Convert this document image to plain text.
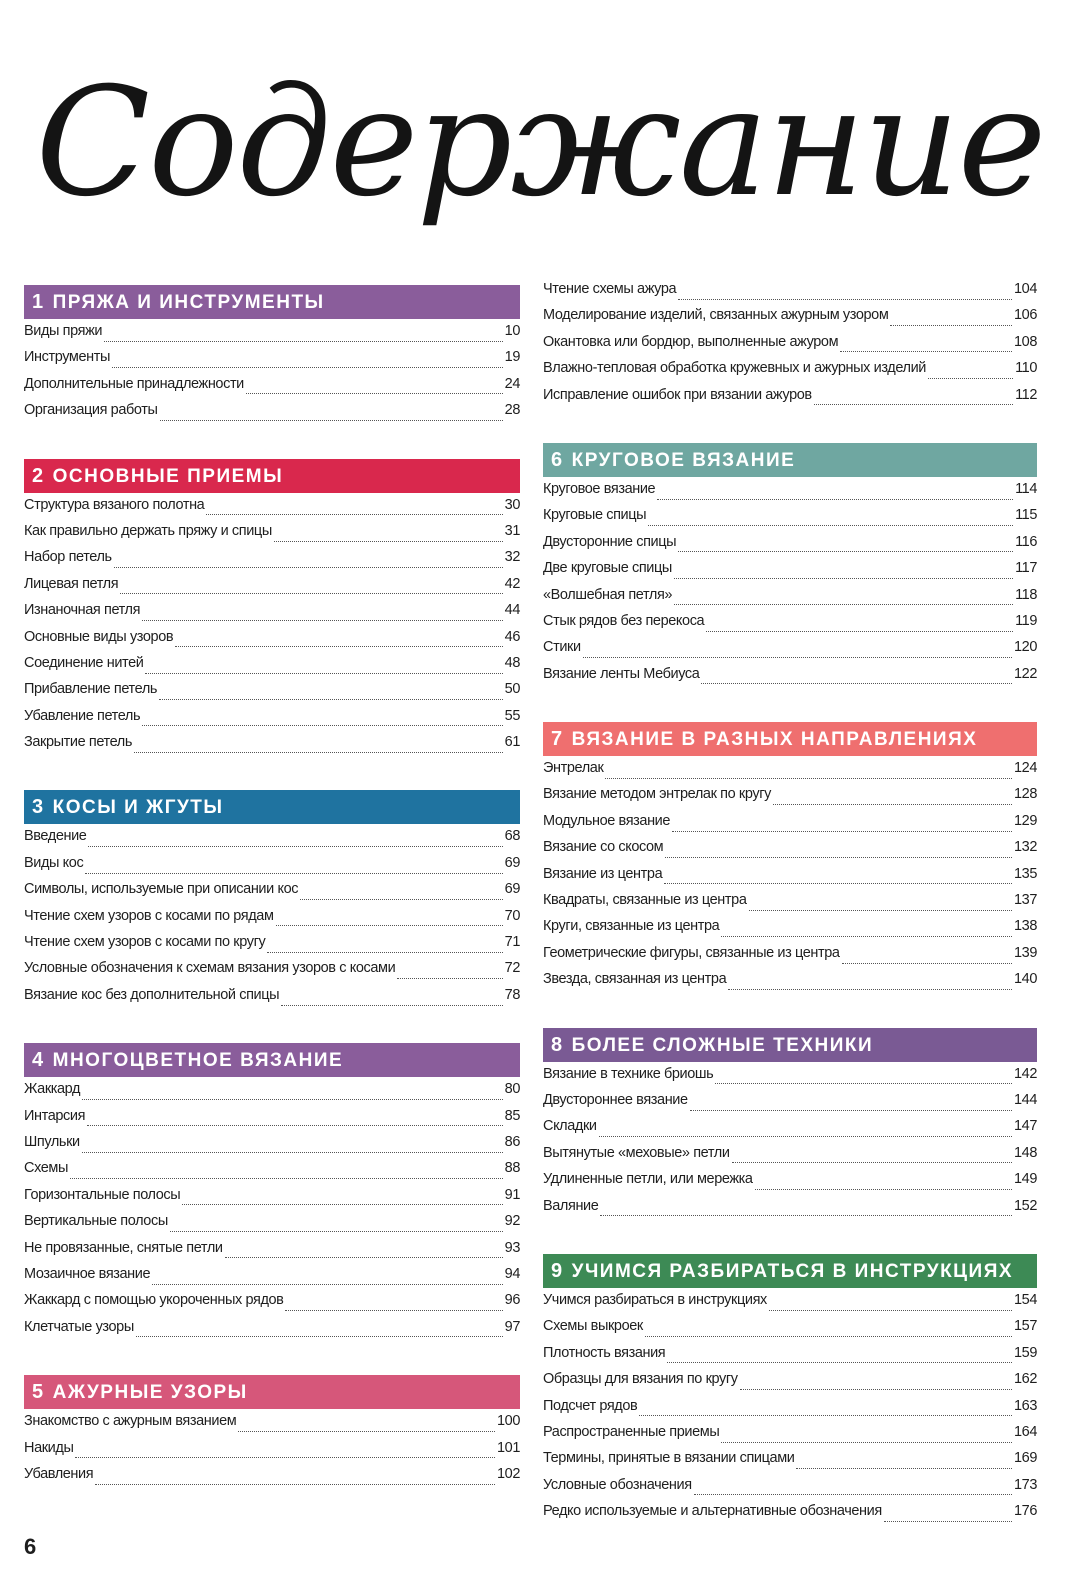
Содержание
1 ПРЯЖА И ИНСТРУМЕНТЫ
Виды пряжи	10
Инструменты	19
Дополнительные принадлежности	24
Организация работы	28
2 ОСНОВНЫЕ ПРИЕМЫ
Структура вязаного полотна	30
Как правильно держать пряжу и спицы	31
Набор петель	32
Лицевая петля	42
Изнаночная петля	44
Основные виды узоров	46
Соединение нитей	48
Прибавление петель	50
Убавление петель	55
Закрытие петель	61
3 КОСЫ И ЖГУТЫ
Введение	68
Виды кос	69
Символы, используемые при описании кос	69
Чтение схем узоров с косами по рядам	70
Чтение схем узоров с косами по кругу	71
Условные обозначения к схемам вязания узоров с косами	72
Вязание кос без дополнительной спицы	78
4 МНОГОЦВЕТНОЕ ВЯЗАНИЕ
Жаккард	80
Интарсия	85
Шпульки	86
Схемы	88
Горизонтальные полосы	91
Вертикальные полосы	92
Не провязанные, снятые петли	93
Мозаичное вязание	94
Жаккард с помощью укороченных рядов	96
Клетчатые узоры	97
5 АЖУРНЫЕ УЗОРЫ
Знакомство с ажурным вязанием	100
Накиды	101
Убавления	102
Чтение схемы ажура	104
Моделирование изделий, связанных ажурным узором	106
Окантовка или бордюр, выполненные ажуром	108
Влажно-тепловая обработка кружевных и ажурных изделий	110
Исправление ошибок при вязании ажуров	112
6 КРУГОВОЕ ВЯЗАНИЕ
Круговое вязание	114
Круговые спицы	115
Двусторонние спицы	116
Две круговые спицы	117
«Волшебная петля»	118
Стык рядов без перекоса	119
Стики	120
Вязание ленты Мебиуса	122
7 ВЯЗАНИЕ В РАЗНЫХ НАПРАВЛЕНИЯХ
Энтрелак	124
Вязание методом энтрелак по кругу	128
Модульное вязание	129
Вязание со скосом	132
Вязание из центра	135
Квадраты, связанные из центра	137
Круги, связанные из центра	138
Геометрические фигуры, связанные из центра	139
Звезда, связанная из центра	140
8 БОЛЕЕ СЛОЖНЫЕ ТЕХНИКИ
Вязание в технике бриошь	142
Двустороннее вязание	144
Складки	147
Вытянутые «меховые» петли	148
Удлиненные петли, или мережка	149
Валяние	152
9 УЧИМСЯ РАЗБИРАТЬСЯ В ИНСТРУКЦИЯХ
Учимся разбираться в инструкциях	154
Схемы выкроек	157
Плотность вязания	159
Образцы для вязания по кругу	162
Подсчет рядов	163
Распространенные приемы	164
Термины, принятые в вязании спицами	169
Условные обозначения	173
Редко используемые и альтернативные обозначения	176
6
